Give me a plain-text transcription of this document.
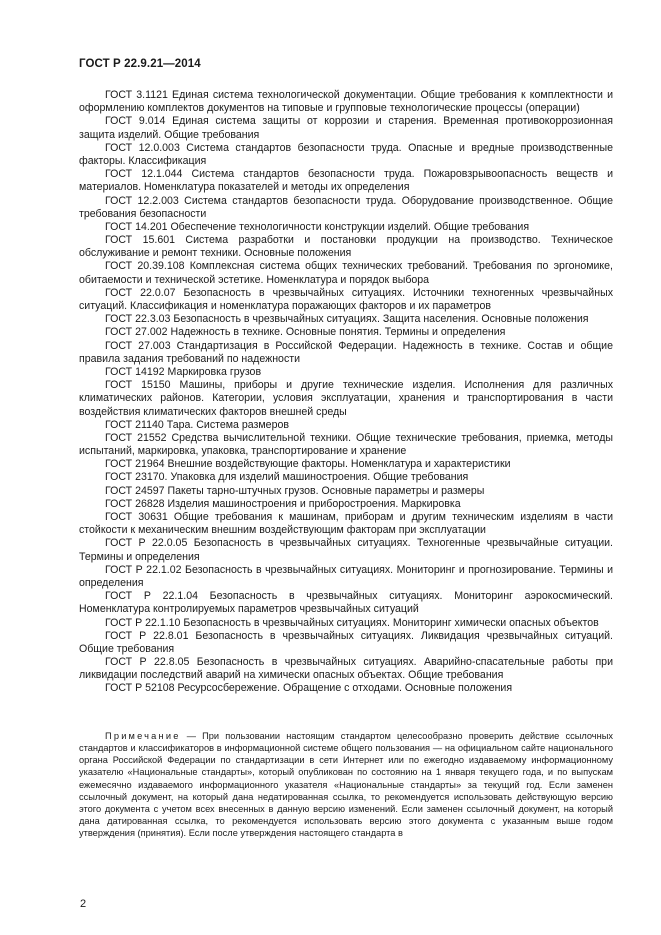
ГОСТ Р 22.9.21—2014

ГОСТ 3.1121 Единая система технологической документации. Общие требования к комплектности и оформлению комплектов документов на типовые и групповые технологические процессы (операции)

ГОСТ 9.014 Единая система защиты от коррозии и старения. Временная противокоррозионная защита изделий. Общие требования

ГОСТ 12.0.003 Система стандартов безопасности труда. Опасные и вредные производственные факторы. Классификация

ГОСТ 12.1.044 Система стандартов безопасности труда. Пожаровзрывоопасность веществ и материалов. Номенклатура показателей и методы их определения

ГОСТ 12.2.003 Система стандартов безопасности труда. Оборудование производственное. Общие требования безопасности

ГОСТ 14.201 Обеспечение технологичности конструкции изделий. Общие требования

ГОСТ 15.601 Система разработки и постановки продукции на производство. Техническое обслуживание и ремонт техники. Основные положения

ГОСТ 20.39.108 Комплексная система общих технических требований. Требования по эргономике, обитаемости и технической эстетике. Номенклатура и порядок выбора

ГОСТ 22.0.07 Безопасность в чрезвычайных ситуациях. Источники техногенных чрезвычайных ситуаций. Классификация и номенклатура поражающих факторов и их параметров

ГОСТ 22.3.03 Безопасность в чрезвычайных ситуациях. Защита населения. Основные положения

ГОСТ 27.002 Надежность в технике. Основные понятия. Термины и определения

ГОСТ 27.003 Стандартизация в Российской Федерации. Надежность в технике. Состав и общие правила задания требований по надежности

ГОСТ 14192 Маркировка грузов

ГОСТ 15150 Машины, приборы и другие технические изделия. Исполнения для различных климатических районов. Категории, условия эксплуатации, хранения и транспортирования в части воздействия климатических факторов внешней среды

ГОСТ 21140 Тара. Система размеров

ГОСТ 21552 Средства вычислительной техники. Общие технические требования, приемка, методы испытаний, маркировка, упаковка, транспортирование и хранение

ГОСТ 21964 Внешние воздействующие факторы. Номенклатура и характеристики

ГОСТ 23170. Упаковка для изделий машиностроения. Общие требования

ГОСТ 24597 Пакеты тарно-штучных грузов. Основные параметры и размеры

ГОСТ 26828 Изделия машиностроения и приборостроения. Маркировка

ГОСТ 30631 Общие требования к машинам, приборам и другим техническим изделиям в части стойкости к механическим внешним воздействующим факторам при эксплуатации

ГОСТ Р 22.0.05 Безопасность в чрезвычайных ситуациях. Техногенные чрезвычайные ситуации. Термины и определения

ГОСТ Р 22.1.02 Безопасность в чрезвычайных ситуациях. Мониторинг и прогнозирование. Термины и определения

ГОСТ Р 22.1.04 Безопасность в чрезвычайных ситуациях. Мониторинг аэрокосмический. Номенклатура контролируемых параметров чрезвычайных ситуаций

ГОСТ Р 22.1.10 Безопасность в чрезвычайных ситуациях. Мониторинг химически опасных объектов

ГОСТ Р 22.8.01 Безопасность в чрезвычайных ситуациях. Ликвидация чрезвычайных ситуаций. Общие требования

ГОСТ Р 22.8.05 Безопасность в чрезвычайных ситуациях. Аварийно-спасательные работы при ликвидации последствий аварий на химически опасных объектах. Общие требования

ГОСТ Р 52108 Ресурсосбережение. Обращение с отходами. Основные положения

Примечание — При пользовании настоящим стандартом целесообразно проверить действие ссылочных стандартов и классификаторов в информационной системе общего пользования — на официальном сайте национального органа Российской Федерации по стандартизации в сети Интернет или по ежегодно издаваемому информационному указателю «Национальные стандарты», который опубликован по состоянию на 1 января текущего года, и по выпускам ежемесячно издаваемого информационного указателя «Национальные стандарты» за текущий год. Если заменен ссылочный документ, на который дана недатированная ссылка, то рекомендуется использовать действующую версию этого документа с учетом всех внесенных в данную версию изменений. Если заменен ссылочный документ, на который дана датированная ссылка, то рекомендуется использовать версию этого документа с указанным выше годом утверждения (принятия). Если после утверждения настоящего стандарта в

2
